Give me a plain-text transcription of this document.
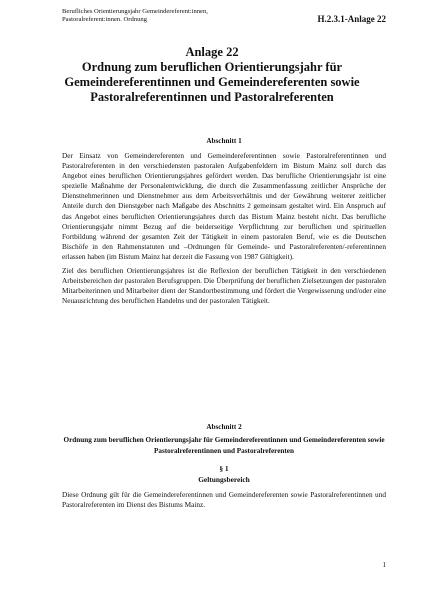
Berufliches Orientierungsjahr Gemeindereferent:innen,
Pastoralreferent:innen. Ordnung	H.2.3.1-Anlage 22
Anlage 22
Ordnung zum beruflichen Orientierungsjahr für
Gemeindereferentinnen und Gemeindereferenten sowie
Pastoralreferentinnen und Pastoralreferenten
Abschnitt 1

Der Einsatz von Gemeindereferenten und Gemeindereferentinnen sowie Pastoralreferentinnen und Pastoralreferenten in den verschiedensten pastoralen Aufgabenfeldern im Bistum Mainz soll durch das Angebot eines beruflichen Orientierungsjahres gefördert werden. Das berufliche Orientierungsjahr ist eine spezielle Maßnahme der Personalentwicklung, die durch die Zusammenfassung zeitlicher Ansprüche der Dienstnehmerinnen und Dienstnehmer aus dem Arbeitsverhältnis und der Gewährung weiterer zeitlicher Anteile durch den Dienstgeber nach Maßgabe des Abschnitts 2 gemeinsam gestaltet wird. Ein Anspruch auf das Angebot eines beruflichen Orientierungsjahres durch das Bistum Mainz besteht nicht. Das berufliche Orientierungsjahr nimmt Bezug auf die beiderseitige Verpflichtung zur beruflichen und spirituellen Fortbildung während der gesamten Zeit der Tätigkeit in einem pastoralen Beruf, wie es die Deutschen Bischöfe in den Rahmenstatuten und –Ordnungen für Gemeinde- und Pastoralreferenten/-referentinnen erlassen haben (im Bistum Mainz hat derzeit die Fassung von 1987 Gültigkeit).

Ziel des beruflichen Orientierungsjahres ist die Reflexion der beruflichen Tätigkeit in den verschiedenen Arbeitsbereichen der pastoralen Berufsgruppen. Die Überprüfung der beruflichen Zielsetzungen der pastoralen Mitarbeiterinnen und Mitarbeiter dient der Standortbestimmung und fördert die Vergewisserung und/oder eine Neuausrichtung des beruflichen Handelns und der pastoralen Tätigkeit.

Abschnitt 2
Ordnung zum beruflichen Orientierungsjahr für Gemeindereferentinnen und Gemeindereferenten sowie Pastoralreferentinnen und Pastoralreferenten
§ 1
Geltungsbereich

Diese Ordnung gilt für die Gemeindereferentinnen und Gemeindereferenten sowie Pastoralreferentinnen und Pastoralreferenten im Dienst des Bistums Mainz.

1
